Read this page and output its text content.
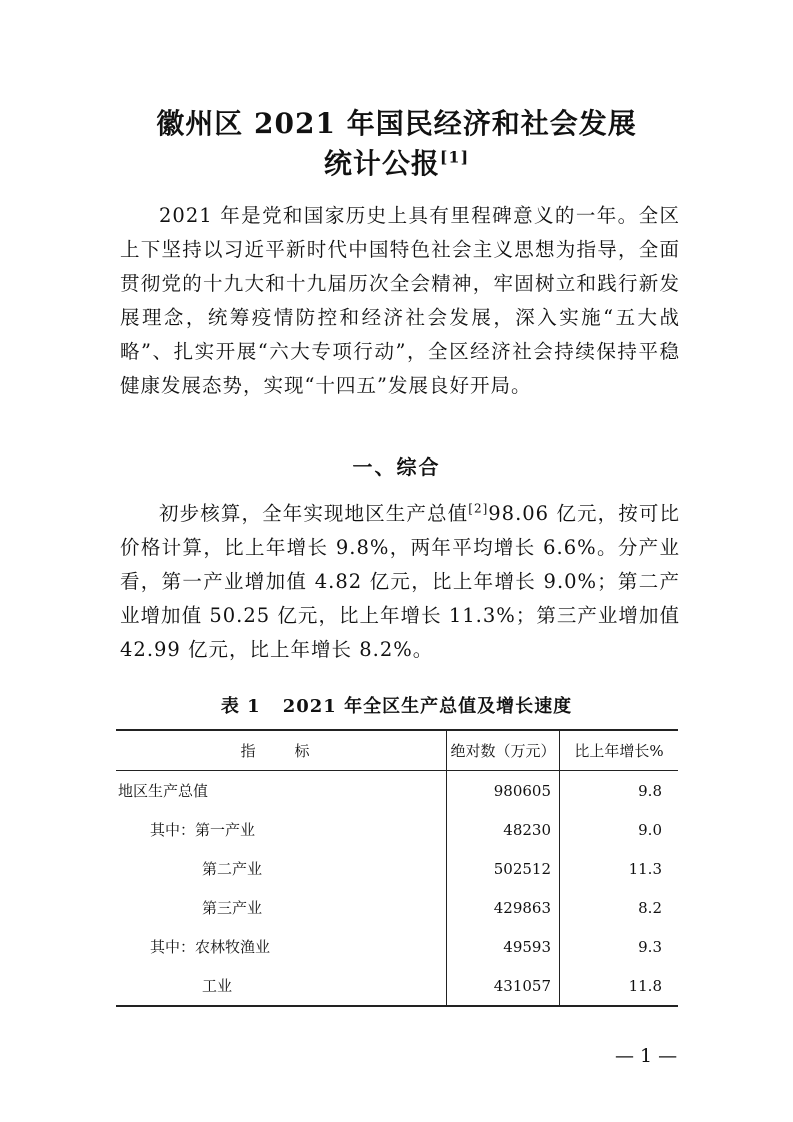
徽州区 2021 年国民经济和社会发展
统计公报[1]

2021 年是党和国家历史上具有里程碑意义的一年。全区上下坚持以习近平新时代中国特色社会主义思想为指导，全面贯彻党的十九大和十九届历次全会精神，牢固树立和践行新发展理念，统筹疫情防控和经济社会发展，深入实施“五大战略”、扎实开展“六大专项行动”，全区经济社会持续保持平稳健康发展态势，实现“十四五”发展良好开局。

一、综合

初步核算，全年实现地区生产总值[2]98.06 亿元，按可比价格计算，比上年增长 9.8%，两年平均增长 6.6%。分产业看，第一产业增加值 4.82 亿元，比上年增长 9.0%；第二产业增加值 50.25 亿元，比上年增长 11.3%；第三产业增加值 42.99 亿元，比上年增长 8.2%。

表 1 2021 年全区生产总值及增长速度
指　标	绝对数（万元）	比上年增长%
地区生产总值	980605	9.8
其中：第一产业	48230	9.0
第二产业	502512	11.3
第三产业	429863	8.2
其中：农林牧渔业	49593	9.3
工业	431057	11.8
— 1 —
